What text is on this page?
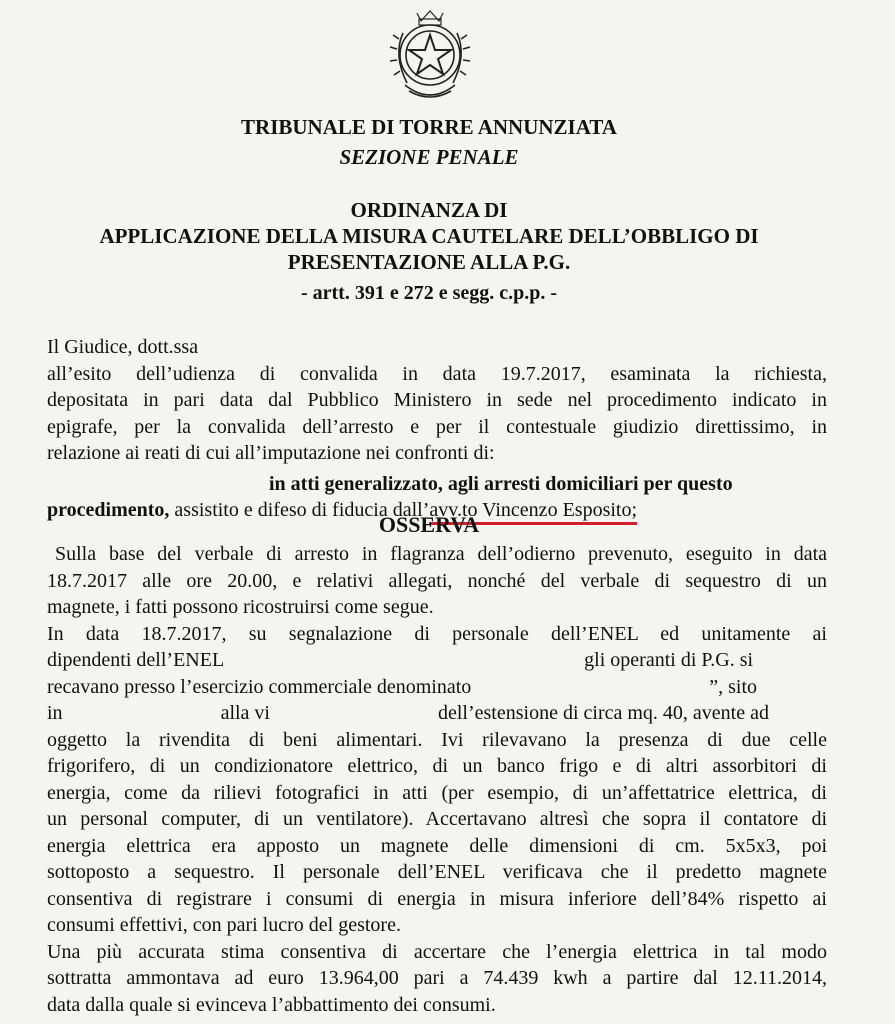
TRIBUNALE DI TORRE ANNUNZIATA
SEZIONE PENALE
ORDINANZA DI
APPLICAZIONE DELLA MISURA CAUTELARE DELL’OBBLIGO DI
PRESENTAZIONE ALLA P.G.
- artt. 391 e 272 e segg. c.p.p. -
Il Giudice, dott.ssa
all’esito dell’udienza di convalida in data 19.7.2017, esaminata la richiesta,
depositata in pari data dal Pubblico Ministero in sede nel procedimento indicato in
epigrafe, per la convalida dell’arresto e per il contestuale giudizio direttissimo, in
relazione ai reati di cui all’imputazione nei confronti di:
in atti generalizzato, agli arresti domiciliari per questo
procedimento, assistito e difeso di fiducia dall’avv.to Vincenzo Esposito;
OSSERVA
Sulla base del verbale di arresto in flagranza dell’odierno prevenuto, eseguito in data
18.7.2017 alle ore 20.00, e relativi allegati, nonché del verbale di sequestro di un
magnete, i fatti possono ricostruirsi come segue.
In data 18.7.2017, su segnalazione di personale dell’ENEL ed unitamente ai
dipendenti dell’ENEL	gli operanti di P.G. si
recavano presso l’esercizio commerciale denominato	”, sito
in	alla vi	dell’estensione di circa mq. 40, avente ad
oggetto la rivendita di beni alimentari. Ivi rilevavano la presenza di due celle
frigorifero, di un condizionatore elettrico, di un banco frigo e di altri assorbitori di
energia, come da rilievi fotografici in atti (per esempio, di un’affettatrice elettrica, di
un personal computer, di un ventilatore). Accertavano altresì che sopra il contatore di
energia elettrica era apposto un magnete delle dimensioni di cm. 5x5x3, poi
sottoposto a sequestro. Il personale dell’ENEL verificava che il predetto magnete
consentiva di registrare i consumi di energia in misura inferiore dell’84% rispetto ai
consumi effettivi, con pari lucro del gestore.
Una più accurata stima consentiva di accertare che l’energia elettrica in tal modo
sottratta ammontava ad euro 13.964,00 pari a 74.439 kwh a partire dal 12.11.2014,
data dalla quale si evinceva l’abbattimento dei consumi.
